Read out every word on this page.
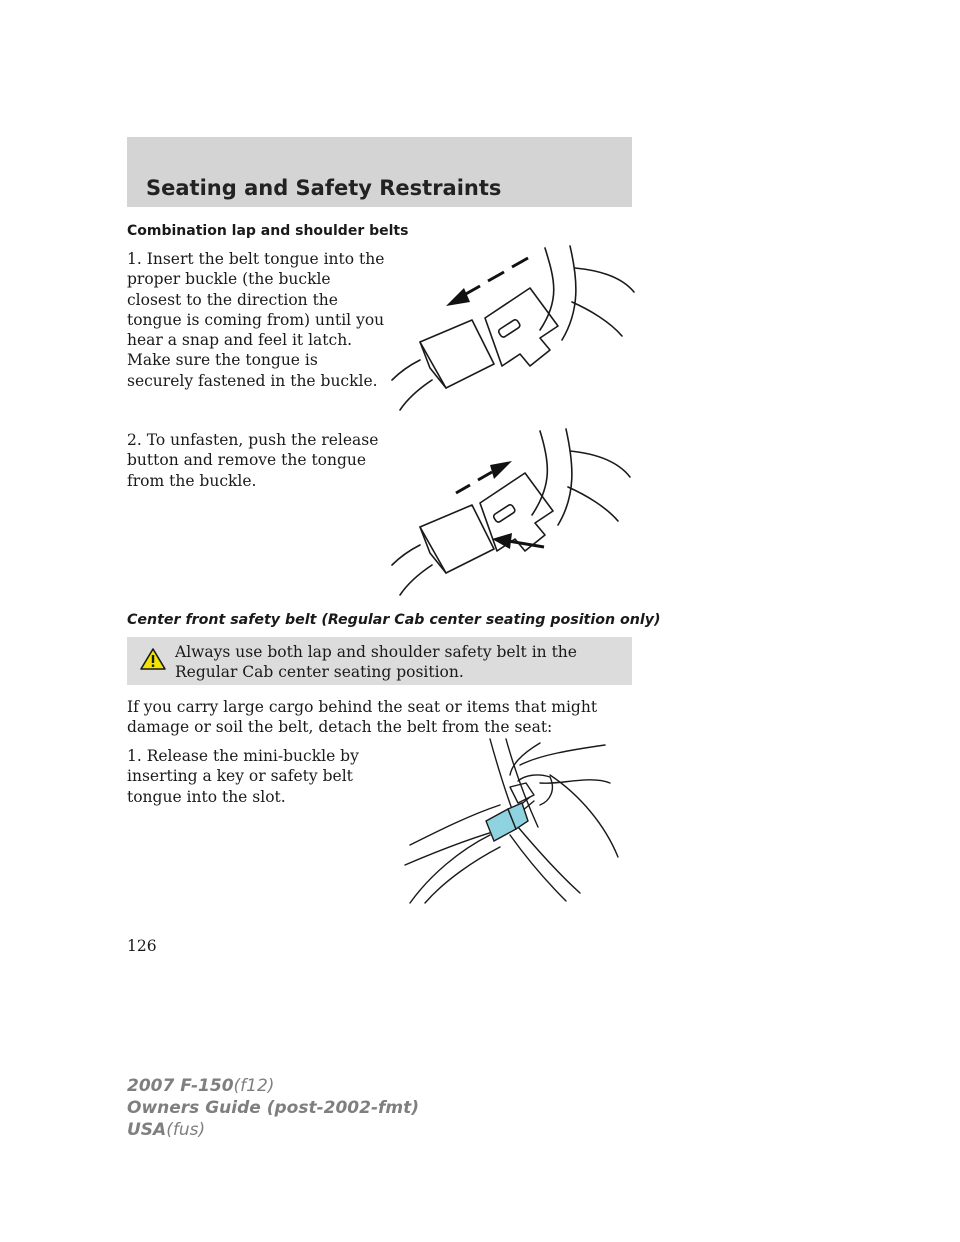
Seating and Safety Restraints
Combination lap and shoulder belts
1. Insert the belt tongue into the proper buckle (the buckle closest to the direction the tongue is coming from) until you hear a snap and feel it latch. Make sure the tongue is securely fastened in the buckle.
2. To unfasten, push the release button and remove the tongue from the buckle.
Center front safety belt (Regular Cab center seating position only)
Always use both lap and shoulder safety belt in the Regular Cab center seating position.
If you carry large cargo behind the seat or items that might damage or soil the belt, detach the belt from the seat:
1. Release the mini-buckle by inserting a key or safety belt tongue into the slot.
126
2007 F-150(f12)
Owners Guide (post-2002-fmt)
USA(fus)
